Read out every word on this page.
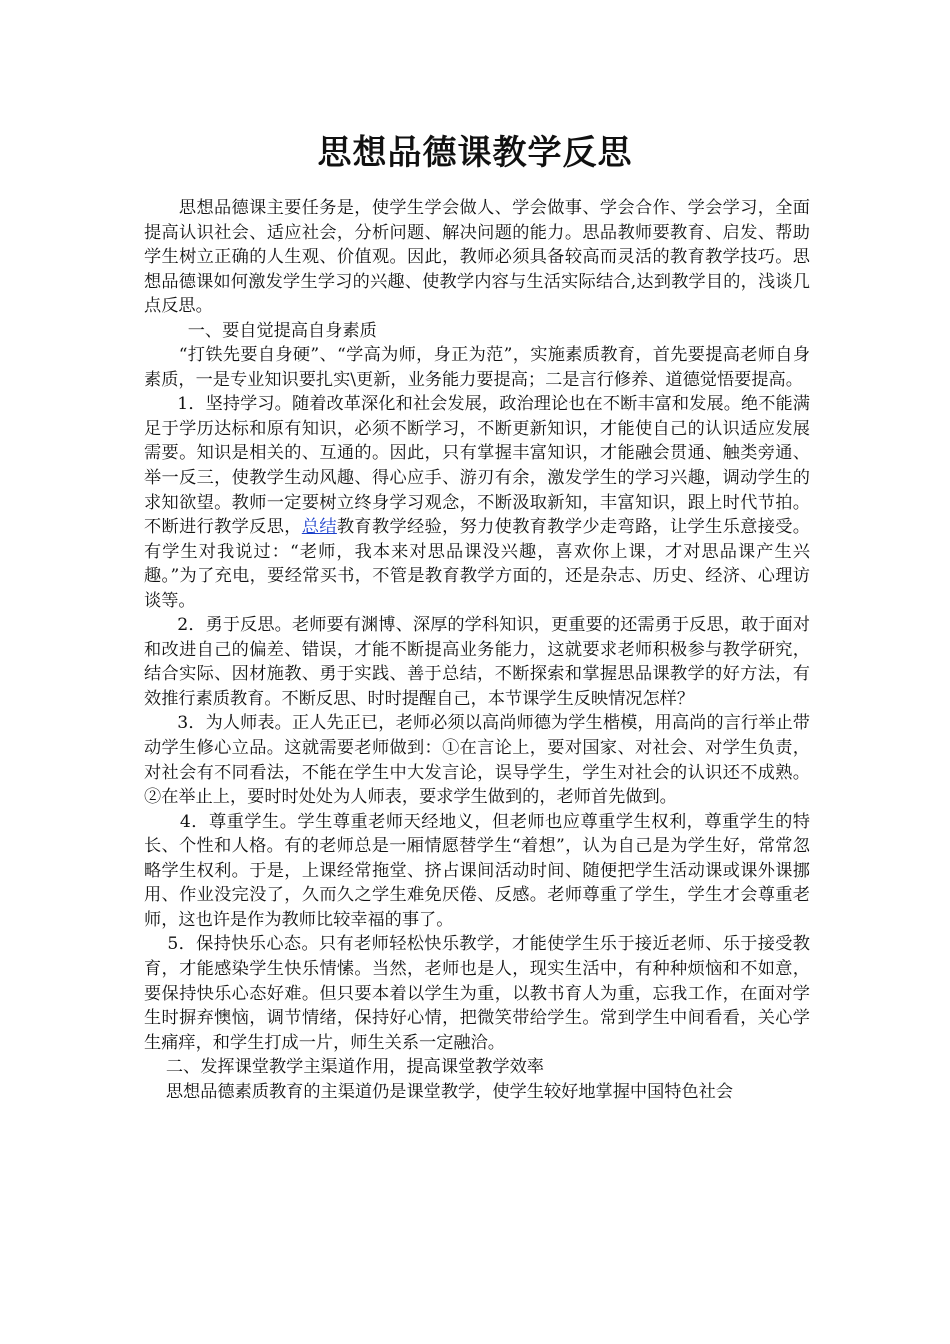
思想品德课教学反思

思想品德课主要任务是，使学生学会做人、学会做事、学会合作、学会学习，全面提高认识社会、适应社会，分析问题、解决问题的能力。思品教师要教育、启发、帮助学生树立正确的人生观、价值观。因此，教师必须具备较高而灵活的教育教学技巧。思想品德课如何激发学生学习的兴趣、使教学内容与生活实际结合,达到教学目的，浅谈几点反思。

一、要自觉提高自身素质

“打铁先要自身硬”、“学高为师，身正为范”，实施素质教育，首先要提高老师自身素质，一是专业知识要扎实\更新，业务能力要提高；二是言行修养、道德觉悟要提高。

1．坚持学习。随着改革深化和社会发展，政治理论也在不断丰富和发展。绝不能满足于学历达标和原有知识，必须不断学习，不断更新知识，才能使自己的认识适应发展需要。知识是相关的、互通的。因此，只有掌握丰富知识，才能融会贯通、触类旁通、举一反三，使教学生动风趣、得心应手、游刃有余，激发学生的学习兴趣，调动学生的求知欲望。教师一定要树立终身学习观念，不断汲取新知，丰富知识，跟上时代节拍。不断进行教学反思，总结教育教学经验，努力使教育教学少走弯路，让学生乐意接受。有学生对我说过：“老师，我本来对思品课没兴趣，喜欢你上课，才对思品课产生兴趣。”为了充电，要经常买书，不管是教育教学方面的，还是杂志、历史、经济、心理访谈等。

2．勇于反思。老师要有渊博、深厚的学科知识，更重要的还需勇于反思，敢于面对和改进自己的偏差、错误，才能不断提高业务能力，这就要求老师积极参与教学研究，结合实际、因材施教、勇于实践、善于总结，不断探索和掌握思品课教学的好方法，有效推行素质教育。不断反思、时时提醒自己，本节课学生反映情况怎样？

3．为人师表。正人先正已，老师必须以高尚师德为学生楷模，用高尚的言行举止带动学生修心立品。这就需要老师做到：①在言论上，要对国家、对社会、对学生负责，对社会有不同看法，不能在学生中大发言论，误导学生，学生对社会的认识还不成熟。②在举止上，要时时处处为人师表，要求学生做到的，老师首先做到。

4．尊重学生。学生尊重老师天经地义，但老师也应尊重学生权利，尊重学生的特长、个性和人格。有的老师总是一厢情愿替学生“着想”，认为自己是为学生好，常常忽略学生权利。于是，上课经常拖堂、挤占课间活动时间、随便把学生活动课或课外课挪用、作业没完没了，久而久之学生难免厌倦、反感。老师尊重了学生，学生才会尊重老师，这也许是作为教师比较幸福的事了。

5．保持快乐心态。只有老师轻松快乐教学，才能使学生乐于接近老师、乐于接受教育，才能感染学生快乐情愫。当然，老师也是人，现实生活中，有种种烦恼和不如意，要保持快乐心态好难。但只要本着以学生为重，以教书育人为重，忘我工作，在面对学生时摒弃懊恼，调节情绪，保持好心情，把微笑带给学生。常到学生中间看看，关心学生痛痒，和学生打成一片，师生关系一定融洽。

二、发挥课堂教学主渠道作用，提高课堂教学效率

思想品德素质教育的主渠道仍是课堂教学，使学生较好地掌握中国特色社会
